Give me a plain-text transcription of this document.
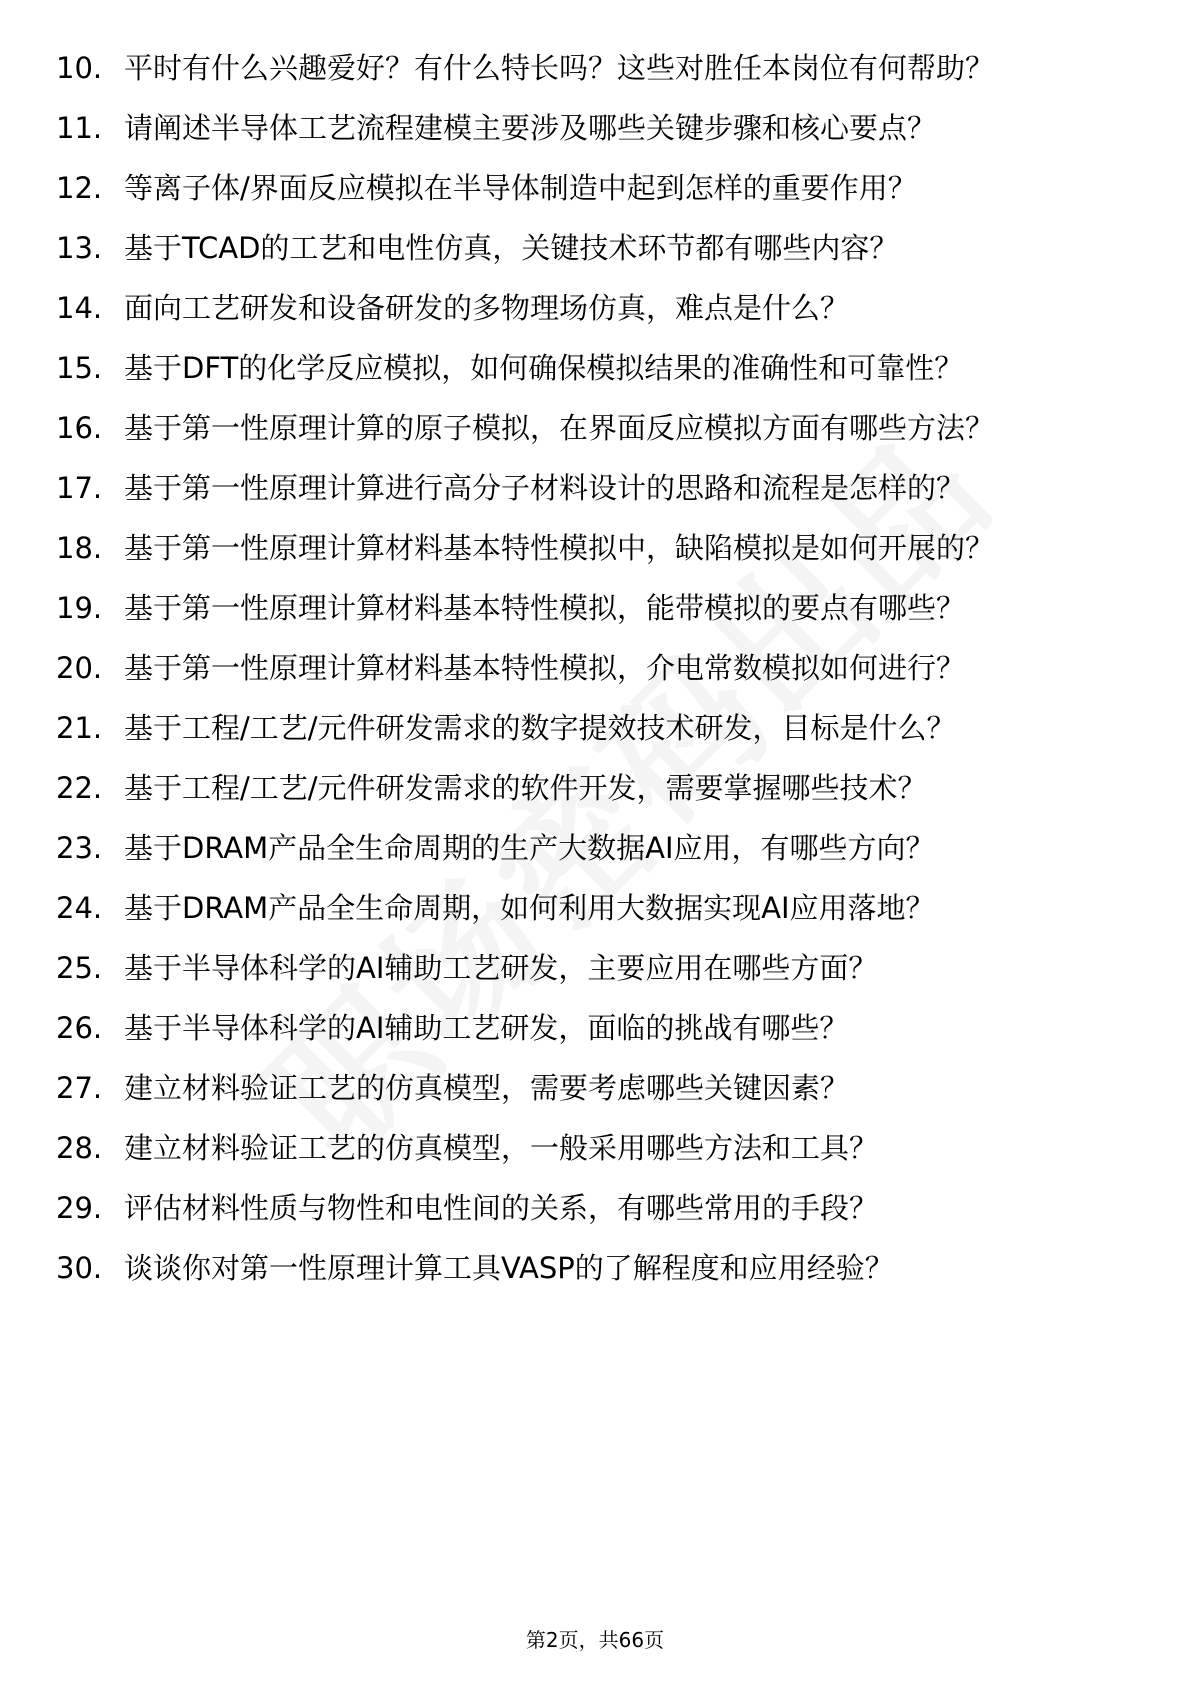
10. 平时有什么兴趣爱好？有什么特长吗？这些对胜任本岗位有何帮助？
11. 请阐述半导体工艺流程建模主要涉及哪些关键步骤和核心要点？
12. 等离子体/界面反应模拟在半导体制造中起到怎样的重要作用？
13. 基于TCAD的工艺和电性仿真，关键技术环节都有哪些内容？
14. 面向工艺研发和设备研发的多物理场仿真，难点是什么？
15. 基于DFT的化学反应模拟，如何确保模拟结果的准确性和可靠性？
16. 基于第一性原理计算的原子模拟，在界面反应模拟方面有哪些方法？
17. 基于第一性原理计算进行高分子材料设计的思路和流程是怎样的？
18. 基于第一性原理计算材料基本特性模拟中，缺陷模拟是如何开展的？
19. 基于第一性原理计算材料基本特性模拟，能带模拟的要点有哪些？
20. 基于第一性原理计算材料基本特性模拟，介电常数模拟如何进行？
21. 基于工程/工艺/元件研发需求的数字提效技术研发，目标是什么？
22. 基于工程/工艺/元件研发需求的软件开发，需要掌握哪些技术？
23. 基于DRAM产品全生命周期的生产大数据AI应用，有哪些方向？
24. 基于DRAM产品全生命周期，如何利用大数据实现AI应用落地？
25. 基于半导体科学的AI辅助工艺研发，主要应用在哪些方面？
26. 基于半导体科学的AI辅助工艺研发，面临的挑战有哪些？
27. 建立材料验证工艺的仿真模型，需要考虑哪些关键因素？
28. 建立材料验证工艺的仿真模型，一般采用哪些方法和工具？
29. 评估材料性质与物性和电性间的关系，有哪些常用的手段？
30. 谈谈你对第一性原理计算工具VASP的了解程度和应用经验？
第2页，共66页
